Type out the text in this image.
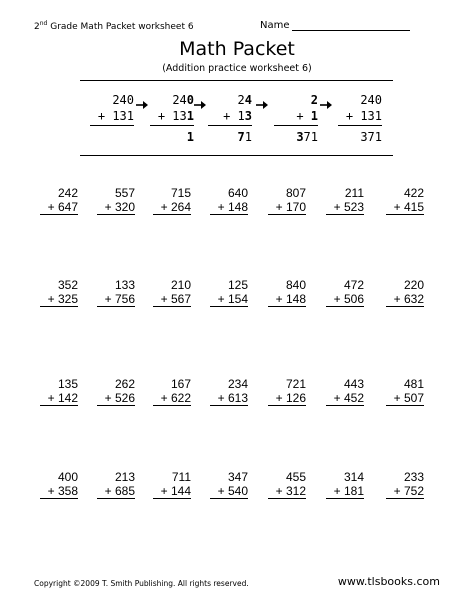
2nd Grade Math Packet worksheet 6	Name
Math Packet
(Addition practice worksheet 6)
240
+ 131
240
+ 131
1
24
+ 13
71
2
+ 1
371
240
+ 131
371
242
+ 647
557
+ 320
715
+ 264
640
+ 148
807
+ 170
211
+ 523
422
+ 415
352
+ 325
133
+ 756
210
+ 567
125
+ 154
840
+ 148
472
+ 506
220
+ 632
135
+ 142
262
+ 526
167
+ 622
234
+ 613
721
+ 126
443
+ 452
481
+ 507
400
+ 358
213
+ 685
711
+ 144
347
+ 540
455
+ 312
314
+ 181
233
+ 752
Copyright ©2009 T. Smith Publishing. All rights reserved.	www.tlsbooks.com
